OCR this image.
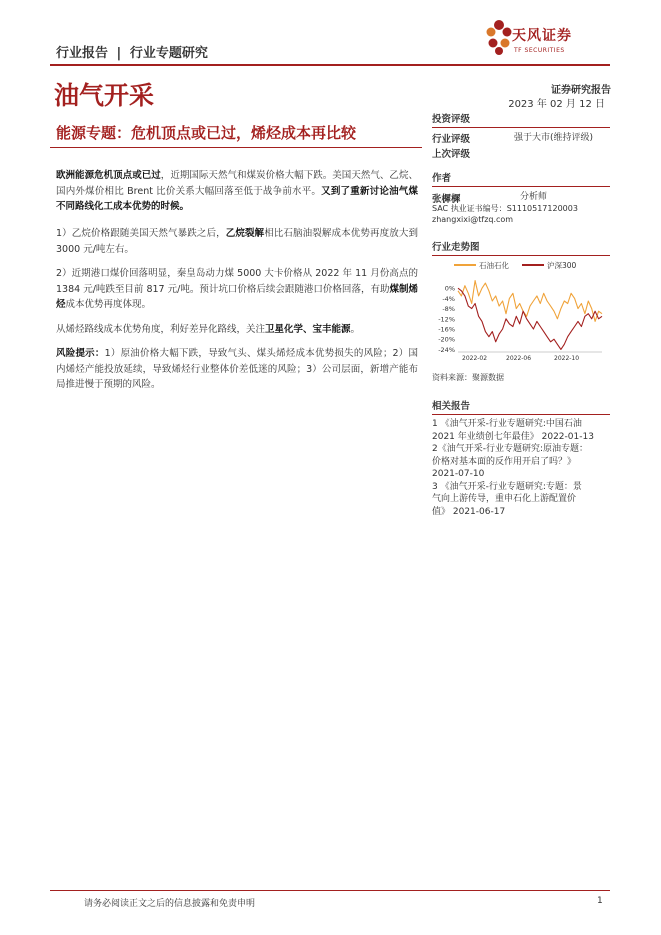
行业报告 | 行业专题研究
天风证券
TF SECURITIES
油气开采	证券研究报告
2023 年 02 月 12 日
能源专题：危机顶点或已过，烯烃成本再比较
欧洲能源危机顶点或已过，近期国际天然气和煤炭价格大幅下跌。美国天然气、乙烷、国内外煤价相比 Brent 比价关系大幅回落至低于战争前水平。又到了重新讨论油气煤不同路线化工成本优势的时候。
1）乙烷价格跟随美国天然气暴跌之后，乙烷裂解相比石脑油裂解成本优势再度放大到 3000 元/吨左右。
2）近期港口煤价回落明显，秦皇岛动力煤 5000 大卡价格从 2022 年 11 月份高点的 1384 元/吨跌至目前 817 元/吨。预计坑口价格后续会跟随港口价格回落，有助煤制烯烃成本优势再度体现。
从烯烃路线成本优势角度，利好差异化路线，关注卫星化学、宝丰能源。
风险提示：1）原油价格大幅下跌，导致气头、煤头烯烃成本优势损失的风险；2）国内烯烃产能投放延续，导致烯烃行业整体价差低迷的风险；3）公司层面，新增产能布局推进慢于预期的风险。
投资评级
行业评级	强于大市(维持评级)
上次评级
作者
张樨樨	分析师
SAC 执业证书编号：S1110517120003
zhangxixi@tfzq.com
行业走势图
石油石化	沪深300
0%
-4%
-8%
-12%
-16%
-20%
-24%
2022-02	2022-06	2022-10
资料来源：聚源数据
相关报告
1 《油气开采-行业专题研究:中国石油
2021 年业绩创七年最佳》 2022-01-13
2《油气开采-行业专题研究:原油专题：
价格对基本面的反作用开启了吗？》
2021-07-10
3 《油气开采-行业专题研究:专题：景
气向上游传导，重申石化上游配置价
值》 2021-06-17
请务必阅读正文之后的信息披露和免责申明	1
